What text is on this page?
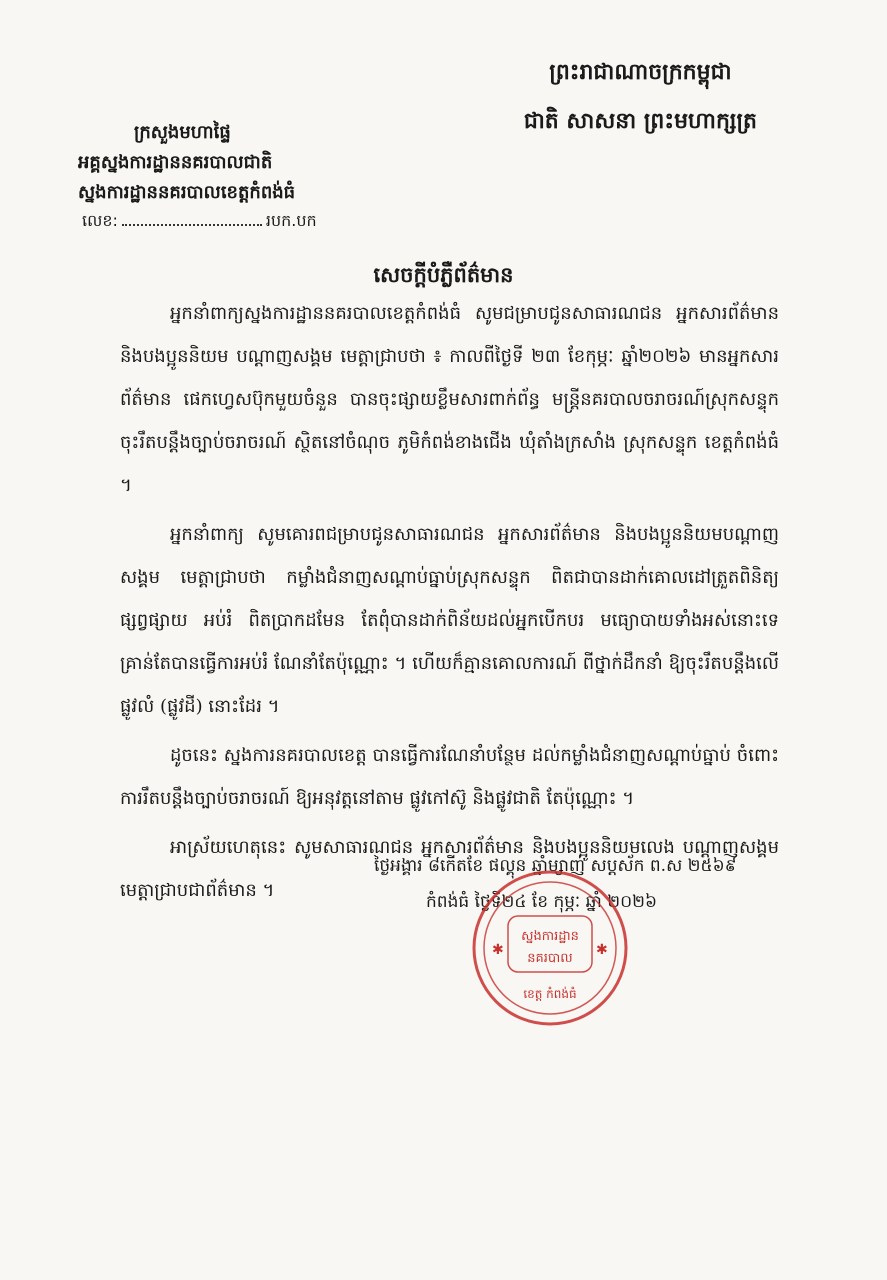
ព្រះរាជាណាចក្រកម្ពុជា
ជាតិ សាសនា ព្រះមហាក្សត្រ
ក្រសួងមហាផ្ទៃ
អគ្គស្នងការដ្ឋាននគរបាលជាតិ
ស្នងការដ្ឋាននគរបាលខេត្តកំពង់ធំ
លេខ:	របក.បក
សេចក្តីបំភ្លឺព័ត៌មាន

អ្នកនាំពាក្យស្នងការដ្ឋាននគរបាលខេត្តកំពង់ធំ សូមជម្រាបជូនសាធារណជន អ្នកសារព័ត៌មាន និងបងប្អូននិយម បណ្តាញសង្គម មេត្តាជ្រាបថា ៖ កាលពីថ្ងៃទី ២៣ ខែកុម្ភៈ ឆ្នាំ២០២៦ មានអ្នកសារព័ត៌មាន ផេកហ្វេសប៊ុកមួយចំនួន បានចុះផ្សាយខ្លឹមសារពាក់ព័ន្ធ មន្ត្រីនគរបាលចរាចរណ៍ស្រុកសន្ទុក ចុះរឹតបន្តឹងច្បាប់ចរាចរណ៍ ស្ថិតនៅចំណុច ភូមិកំពង់ខាងជើង ឃុំតាំងក្រសាំង ស្រុកសន្ទុក ខេត្តកំពង់ធំ ។

អ្នកនាំពាក្យ សូមគោរពជម្រាបជូនសាធារណជន អ្នកសារព័ត៌មាន និងបងប្អូននិយមបណ្តាញសង្គម មេត្តាជ្រាបថា កម្លាំងជំនាញសណ្តាប់ធ្នាប់ស្រុកសន្ទុក ពិតជាបានដាក់គោលដៅត្រួតពិនិត្យផ្សព្វផ្សាយ អប់រំ ពិតប្រាកដមែន តែពុំបានដាក់ពិន័យដល់អ្នកបើកបរ មធ្យោបាយទាំងអស់នោះទេ គ្រាន់តែបានធ្វើការអប់រំ ណែនាំតែប៉ុណ្ណោះ ។ ហើយក៏គ្មានគោលការណ៍ ពីថ្នាក់ដឹកនាំ ឱ្យចុះរឹតបន្តឹងលើផ្លូវលំ (ផ្លូវដី) នោះដែរ ។

ដូចនេះ ស្នងការនគរបាលខេត្ត បានធ្វើការណែនាំបន្ថែម ដល់កម្លាំងជំនាញសណ្តាប់ធ្នាប់ ចំពោះការរឹតបន្តឹងច្បាប់ចរាចរណ៍ ឱ្យអនុវត្តនៅតាម ផ្លូវកៅស៊ូ និងផ្លូវជាតិ តែប៉ុណ្ណោះ ។

អាស្រ័យហេតុនេះ សូមសាធារណជន អ្នកសារព័ត៌មាន និងបងប្អូននិយមលេង បណ្តាញសង្គម មេត្តាជ្រាបជាព័ត៌មាន ។

ថ្ងៃអង្គារ ៨កើតខែ ផល្គុន ឆ្នាំម្សាញ់ សប្តស័ក ព.ស ២៥៦៩
កំពង់ធំ ថ្ងៃទី២៤ ខែ កុម្ភៈ ឆ្នាំ ២០២៦
ស្នងការដ្ឋាន
នគរបាល
ខេត្ត កំពង់ធំ
✱	✱
